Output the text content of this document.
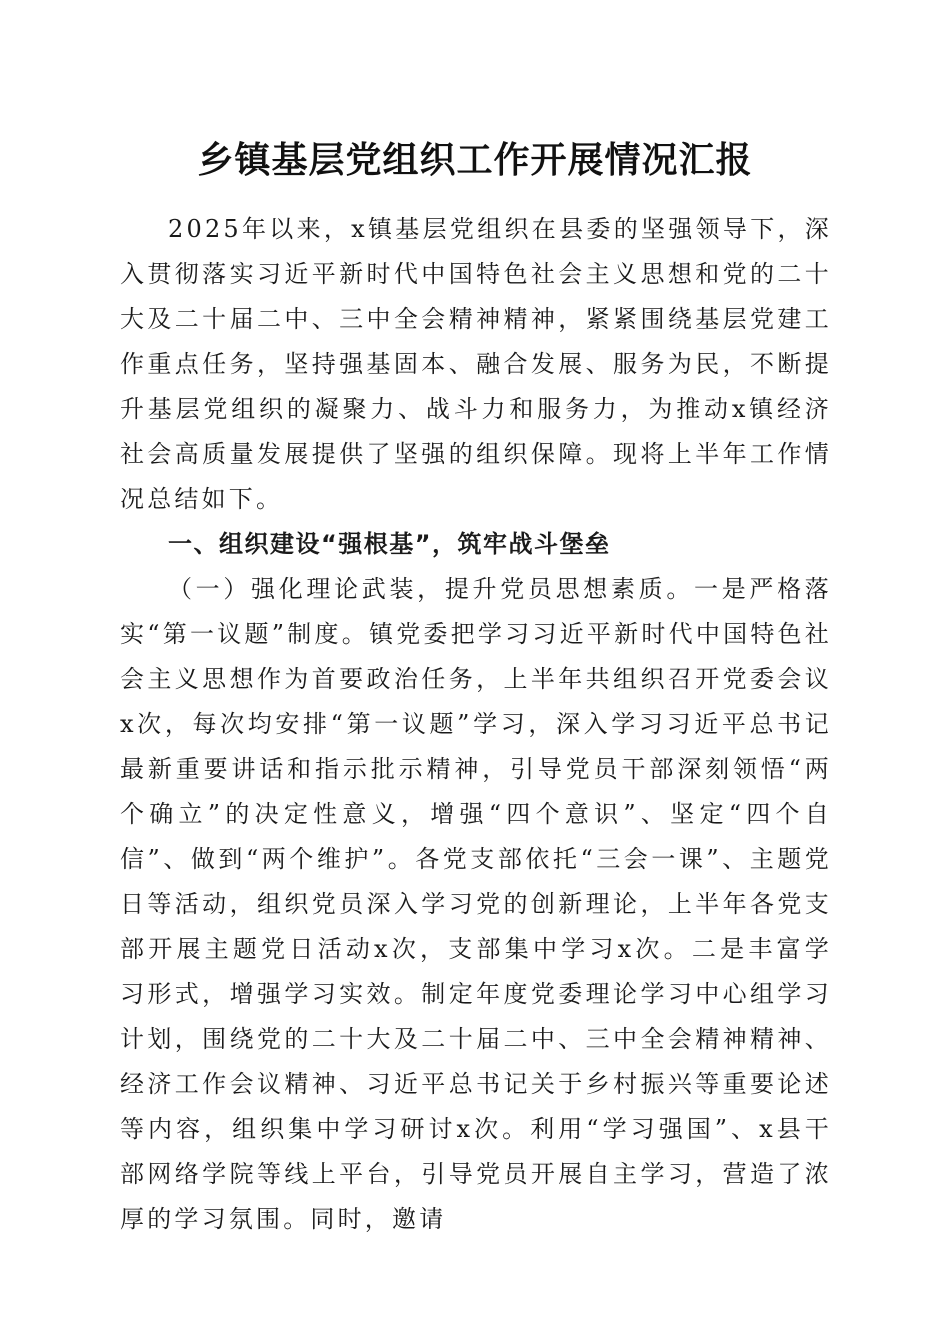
乡镇基层党组织工作开展情况汇报

2025年以来，x镇基层党组织在县委的坚强领导下，深入贯彻落实习近平新时代中国特色社会主义思想和党的二十大及二十届二中、三中全会精神精神，紧紧围绕基层党建工作重点任务，坚持强基固本、融合发展、服务为民，不断提升基层党组织的凝聚力、战斗力和服务力，为推动x镇经济社会高质量发展提供了坚强的组织保障。现将上半年工作情况总结如下。

一、组织建设“强根基”，筑牢战斗堡垒

（一）强化理论武装，提升党员思想素质。一是严格落实“第一议题”制度。镇党委把学习习近平新时代中国特色社会主义思想作为首要政治任务，上半年共组织召开党委会议x次，每次均安排“第一议题”学习，深入学习习近平总书记最新重要讲话和指示批示精神，引导党员干部深刻领悟“两个确立”的决定性意义，增强“四个意识”、坚定“四个自信”、做到“两个维护”。各党支部依托“三会一课”、主题党日等活动，组织党员深入学习党的创新理论，上半年各党支部开展主题党日活动x次，支部集中学习x次。二是丰富学习形式，增强学习实效。制定年度党委理论学习中心组学习计划，围绕党的二十大及二十届二中、三中全会精神精神、经济工作会议精神、习近平总书记关于乡村振兴等重要论述等内容，组织集中学习研讨x次。利用“学习强国”、x县干部网络学院等线上平台，引导党员开展自主学习，营造了浓厚的学习氛围。同时，邀请
